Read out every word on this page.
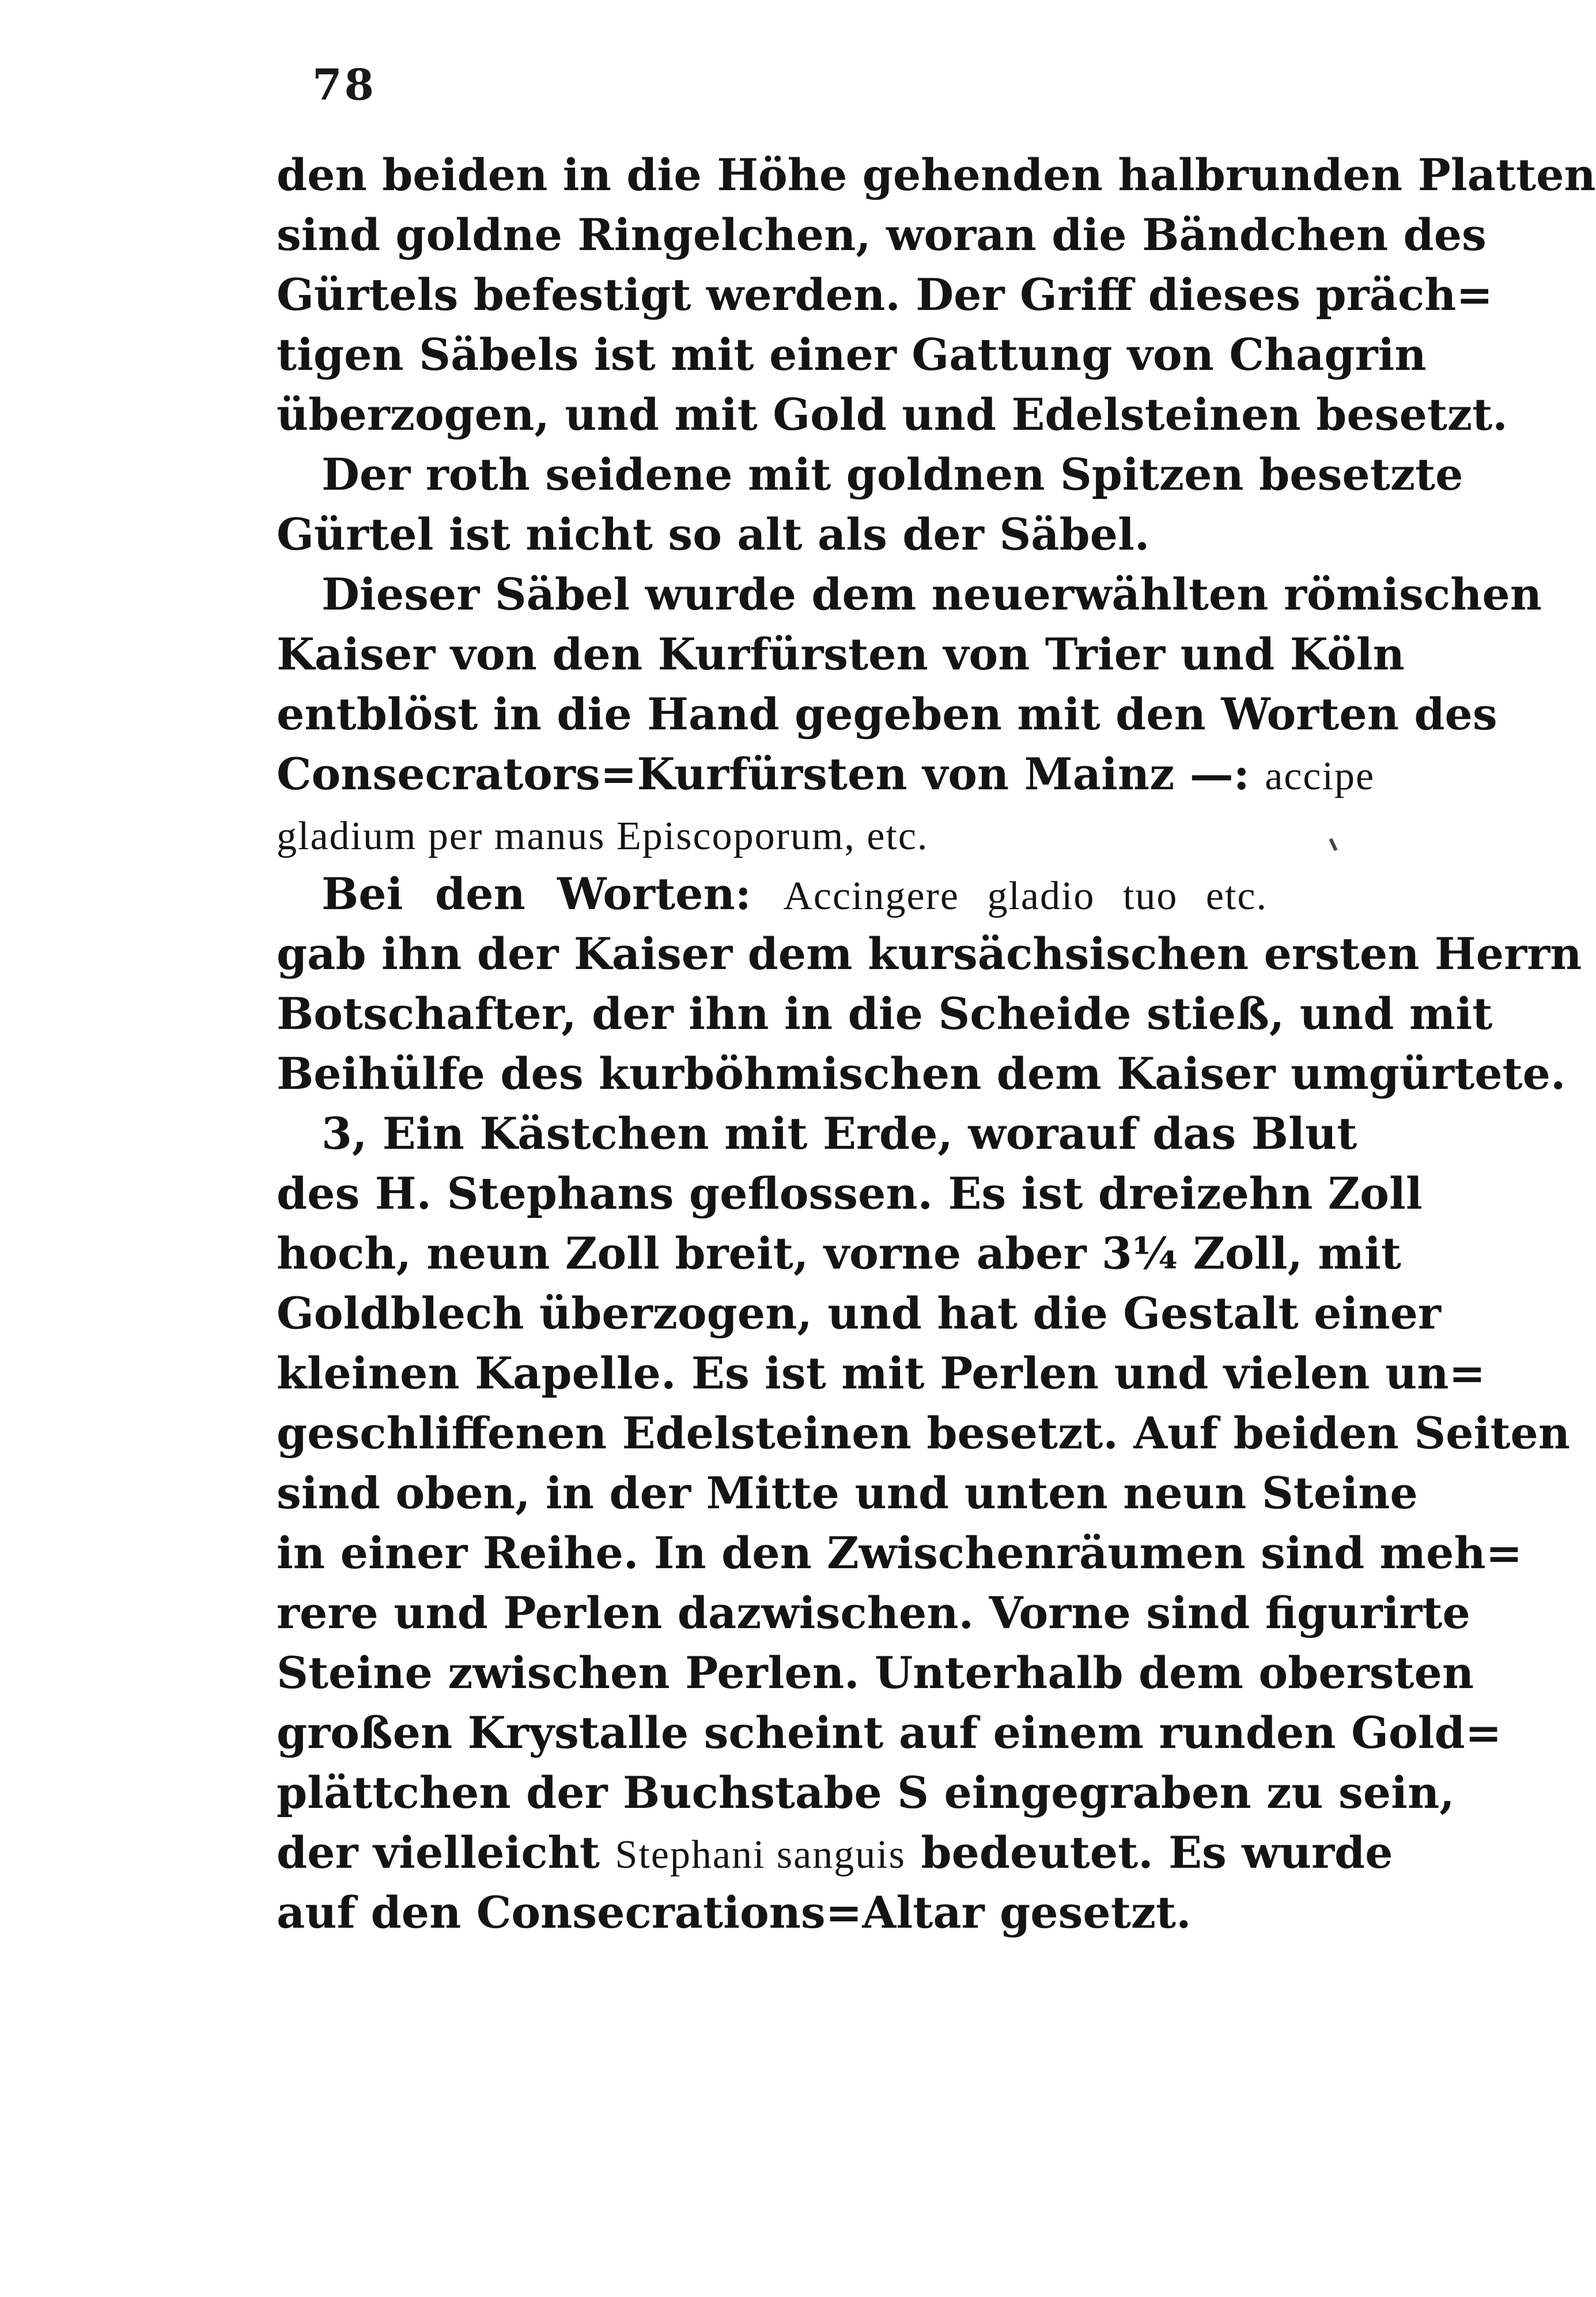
78
den beiden in die Höhe gehenden halbrunden Platten
sind goldne Ringelchen, woran die Bändchen des
Gürtels befestigt werden. Der Griff dieses präch=
tigen Säbels ist mit einer Gattung von Chagrin
überzogen, und mit Gold und Edelsteinen besetzt.
Der roth seidene mit goldnen Spitzen besetzte
Gürtel ist nicht so alt als der Säbel.
Dieser Säbel wurde dem neuerwählten römischen
Kaiser von den Kurfürsten von Trier und Köln
entblöst in die Hand gegeben mit den Worten des
Consecrators=Kurfürsten von Mainz —: accipe
gladium per manus Episcoporum, etc.
Bei den Worten: Accingere gladio tuo etc.
gab ihn der Kaiser dem kursächsischen ersten Herrn
Botschafter, der ihn in die Scheide stieß, und mit
Beihülfe des kurböhmischen dem Kaiser umgürtete.
3, Ein Kästchen mit Erde, worauf das Blut
des H. Stephans geflossen. Es ist dreizehn Zoll
hoch, neun Zoll breit, vorne aber 3¼ Zoll, mit
Goldblech überzogen, und hat die Gestalt einer
kleinen Kapelle. Es ist mit Perlen und vielen un=
geschliffenen Edelsteinen besetzt. Auf beiden Seiten
sind oben, in der Mitte und unten neun Steine
in einer Reihe. In den Zwischenräumen sind meh=
rere und Perlen dazwischen. Vorne sind figurirte
Steine zwischen Perlen. Unterhalb dem obersten
großen Krystalle scheint auf einem runden Gold=
plättchen der Buchstabe S eingegraben zu sein,
der vielleicht Stephani sanguis bedeutet. Es wurde
auf den Consecrations=Altar gesetzt.
